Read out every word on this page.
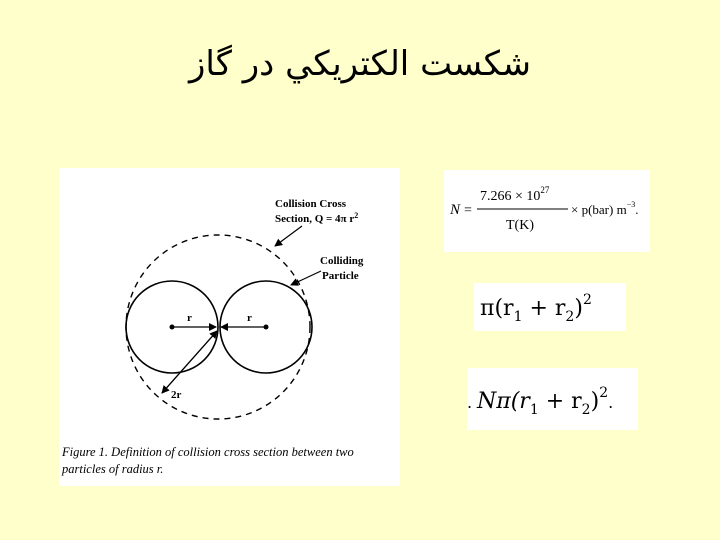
شكست الكتريكي در گاز
r	r
2r
Collision Cross
Section, Q = 4π $r^2$
Colliding
Particle
Figure 1. Definition of collision cross section between two particles of radius r.
N =
$7.266 \times 10^{27}$
T(K)
× p(bar) $m^{-3}$.
$\pi(r_1 + r_2)^2$
. $N\pi(r_1 + r_2)^2_.$
